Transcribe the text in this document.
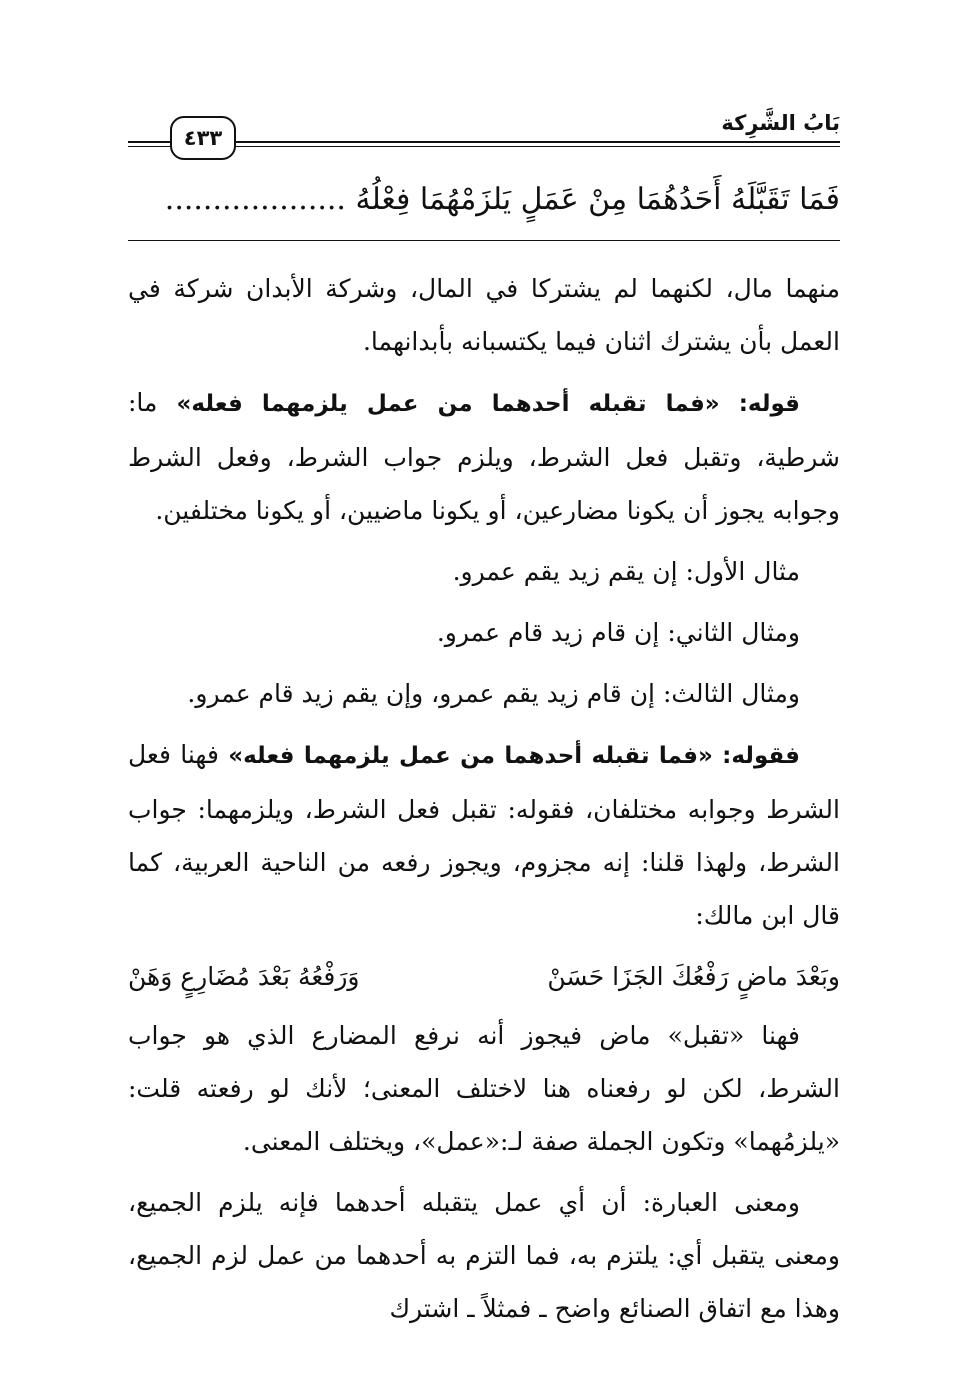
بَابُ الشَّرِكة
٤٣٣
فَمَا تَقَبَّلَهُ أَحَدُهُمَا مِنْ عَمَلٍ يَلزَمْهُمَا فِعْلُهُ ...................

منهما مال، لكنهما لم يشتركا في المال، وشركة الأبدان شركة في العمل بأن يشترك اثنان فيما يكتسبانه بأبدانهما.

قوله: «فما تقبله أحدهما من عمل يلزمهما فعله» ما: شرطية، وتقبل فعل الشرط، ويلزم جواب الشرط، وفعل الشرط وجوابه يجوز أن يكونا مضارعين، أو يكونا ماضيين، أو يكونا مختلفين.

مثال الأول: إن يقم زيد يقم عمرو.

ومثال الثاني: إن قام زيد قام عمرو.

ومثال الثالث: إن قام زيد يقم عمرو، وإن يقم زيد قام عمرو.

فقوله: «فما تقبله أحدهما من عمل يلزمهما فعله» فهنا فعل الشرط وجوابه مختلفان، فقوله: تقبل فعل الشرط، ويلزمهما: جواب الشرط، ولهذا قلنا: إنه مجزوم، ويجوز رفعه من الناحية العربية، كما قال ابن مالك:

وبَعْدَ ماضٍ رَفْعُكَ الجَزَا حَسَنْ
وَرَفْعُهُ بَعْدَ مُضَارِعٍ وَهَنْ

فهنا «تقبل» ماض فيجوز أنه نرفع المضارع الذي هو جواب الشرط، لكن لو رفعناه هنا لاختلف المعنى؛ لأنك لو رفعته قلت: «يلزمُهما» وتكون الجملة صفة لـ:«عمل»، ويختلف المعنى.

ومعنى العبارة: أن أي عمل يتقبله أحدهما فإنه يلزم الجميع، ومعنى يتقبل أي: يلتزم به، فما التزم به أحدهما من عمل لزم الجميع، وهذا مع اتفاق الصنائع واضح ـ فمثلاً ـ اشترك
